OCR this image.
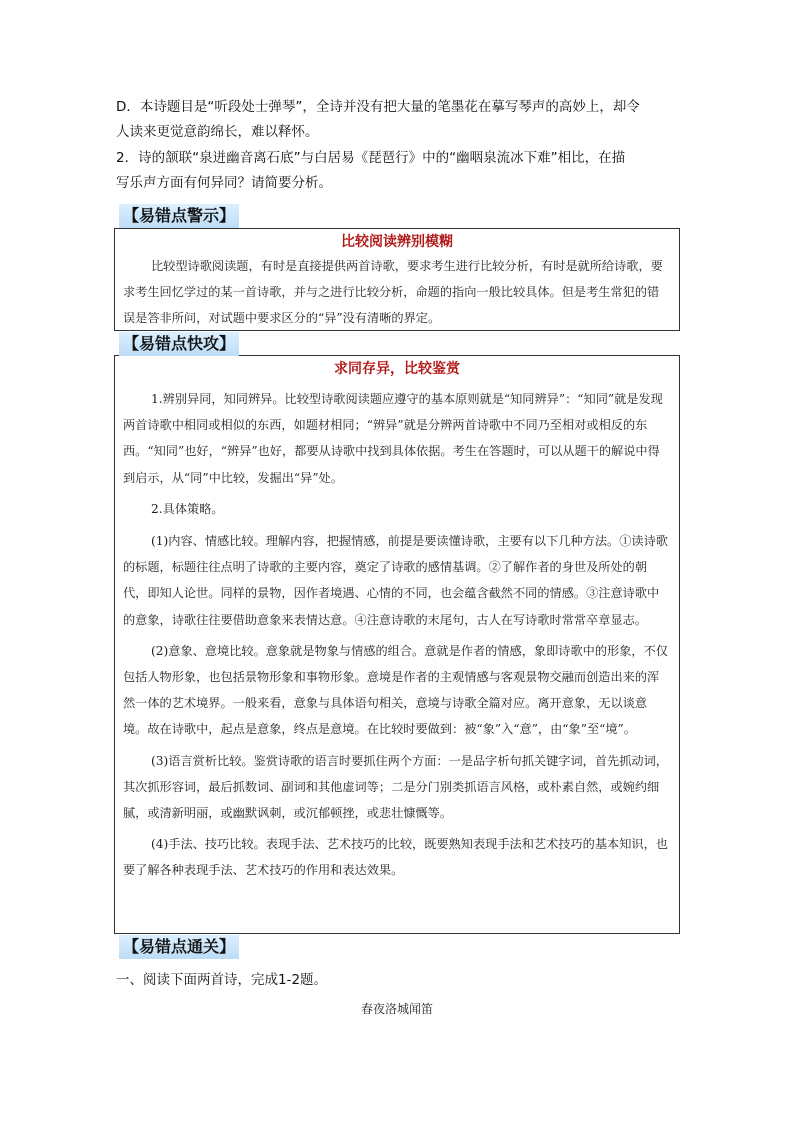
D．本诗题目是“听段处士弹琴”，全诗并没有把大量的笔墨花在摹写琴声的高妙上，却令
人读来更觉意韵绵长，难以释怀。
2．诗的颔联“泉迸幽音离石底”与白居易《琵琶行》中的“幽咽泉流冰下难”相比，在描
写乐声方面有何异同？请简要分析。
【易错点警示】
比较阅读辨别模糊

比较型诗歌阅读题，有时是直接提供两首诗歌，要求考生进行比较分析，有时是就所给诗歌，要求考生回忆学过的某一首诗歌，并与之进行比较分析，命题的指向一般比较具体。但是考生常犯的错误是答非所问，对试题中要求区分的“异”没有清晰的界定。

【易错点快攻】
求同存异，比较鉴赏

1.辨别异同，知同辨异。比较型诗歌阅读题应遵守的基本原则就是“知同辨异”：“知同”就是发现两首诗歌中相同或相似的东西，如题材相同；“辨异”就是分辨两首诗歌中不同乃至相对或相反的东西。“知同”也好，“辨异”也好，都要从诗歌中找到具体依据。考生在答题时，可以从题干的解说中得到启示，从“同”中比较，发掘出“异”处。

2.具体策略。

(1)内容、情感比较。理解内容，把握情感，前提是要读懂诗歌，主要有以下几种方法。①读诗歌的标题，标题往往点明了诗歌的主要内容，奠定了诗歌的感情基调。②了解作者的身世及所处的朝代，即知人论世。同样的景物，因作者境遇、心情的不同，也会蕴含截然不同的情感。③注意诗歌中的意象，诗歌往往要借助意象来表情达意。④注意诗歌的末尾句，古人在写诗歌时常常卒章显志。

(2)意象、意境比较。意象就是物象与情感的组合。意就是作者的情感，象即诗歌中的形象，不仅包括人物形象，也包括景物形象和事物形象。意境是作者的主观情感与客观景物交融而创造出来的浑然一体的艺术境界。一般来看，意象与具体语句相关，意境与诗歌全篇对应。离开意象，无以谈意境。故在诗歌中，起点是意象，终点是意境。在比较时要做到：被“象”入“意”，由“象”至“境”。

(3)语言赏析比较。鉴赏诗歌的语言时要抓住两个方面：一是品字析句抓关键字词，首先抓动词，其次抓形容词，最后抓数词、副词和其他虚词等；二是分门别类抓语言风格，或朴素自然，或婉约细腻，或清新明丽，或幽默讽刺，或沉郁顿挫，或悲壮慷慨等。

(4)手法、技巧比较。表现手法、艺术技巧的比较，既要熟知表现手法和艺术技巧的基本知识，也要了解各种表现手法、艺术技巧的作用和表达效果。

【易错点通关】
一、阅读下面两首诗，完成1-2题。
春夜洛城闻笛
